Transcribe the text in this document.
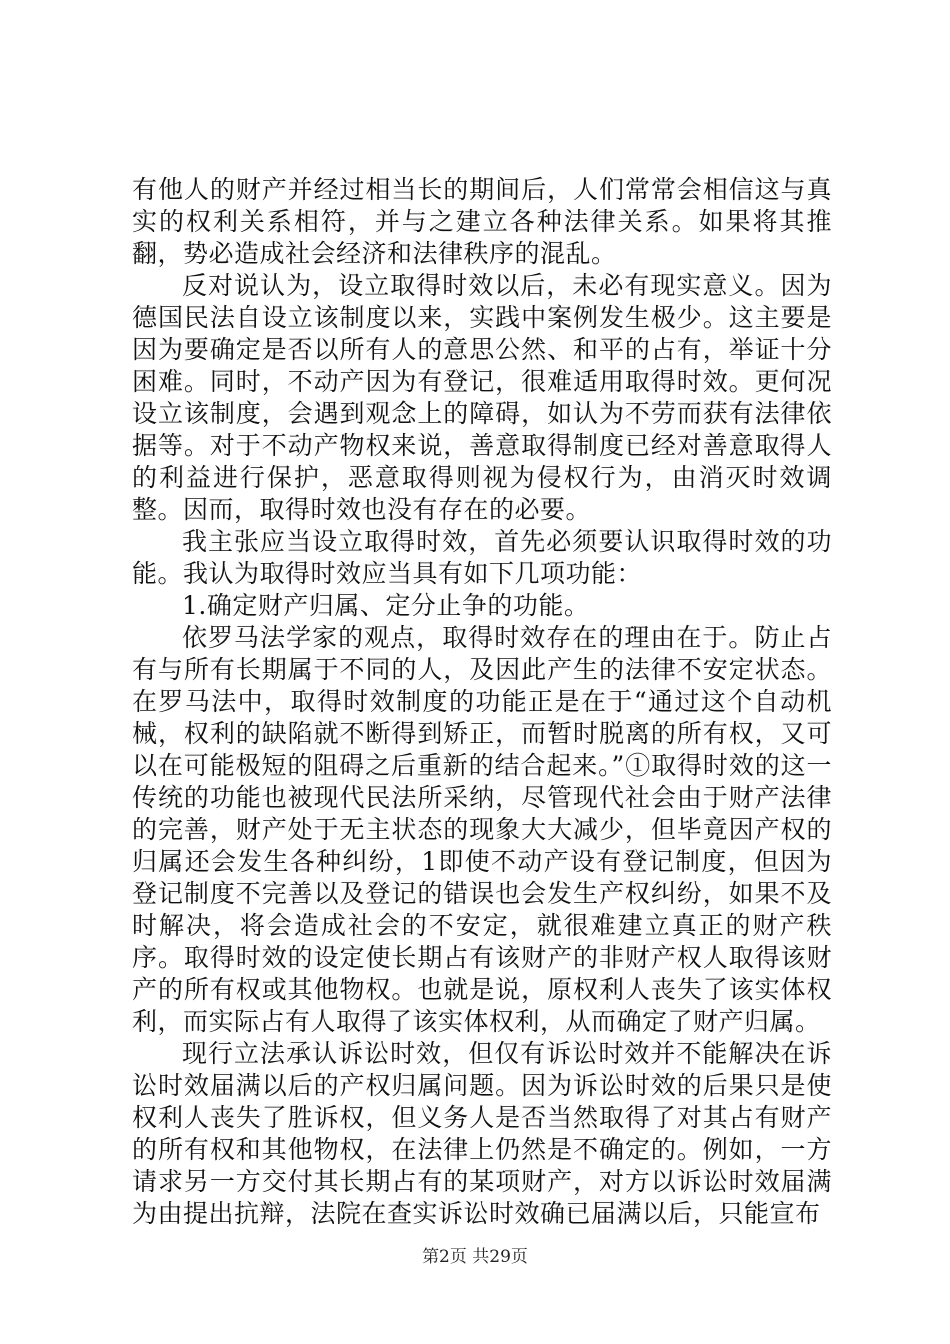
有他人的财产并经过相当长的期间后，人们常常会相信这与真实的权利关系相符，并与之建立各种法律关系。如果将其推翻，势必造成社会经济和法律秩序的混乱。

反对说认为，设立取得时效以后，未必有现实意义。因为德国民法自设立该制度以来，实践中案例发生极少。这主要是因为要确定是否以所有人的意思公然、和平的占有，举证十分困难。同时，不动产因为有登记，很难适用取得时效。更何况设立该制度，会遇到观念上的障碍，如认为不劳而获有法律依据等。对于不动产物权来说，善意取得制度已经对善意取得人的利益进行保护，恶意取得则视为侵权行为，由消灭时效调整。因而，取得时效也没有存在的必要。

我主张应当设立取得时效，首先必须要认识取得时效的功能。我认为取得时效应当具有如下几项功能：

1.确定财产归属、定分止争的功能。

依罗马法学家的观点，取得时效存在的理由在于。防止占有与所有长期属于不同的人，及因此产生的法律不安定状态。在罗马法中，取得时效制度的功能正是在于“通过这个自动机械，权利的缺陷就不断得到矫正，而暂时脱离的所有权，又可以在可能极短的阻碍之后重新的结合起来。”①取得时效的这一传统的功能也被现代民法所采纳，尽管现代社会由于财产法律的完善，财产处于无主状态的现象大大减少，但毕竟因产权的归属还会发生各种纠纷，1即使不动产设有登记制度，但因为登记制度不完善以及登记的错误也会发生产权纠纷，如果不及时解决，将会造成社会的不安定，就很难建立真正的财产秩序。取得时效的设定使长期占有该财产的非财产权人取得该财产的所有权或其他物权。也就是说，原权利人丧失了该实体权利，而实际占有人取得了该实体权利，从而确定了财产归属。

现行立法承认诉讼时效，但仅有诉讼时效并不能解决在诉讼时效届满以后的产权归属问题。因为诉讼时效的后果只是使权利人丧失了胜诉权，但义务人是否当然取得了对其占有财产的所有权和其他物权，在法律上仍然是不确定的。例如，一方请求另一方交付其长期占有的某项财产，对方以诉讼时效届满为由提出抗辩，法院在查实诉讼时效确已届满以后，只能宣布

第2页 共29页
